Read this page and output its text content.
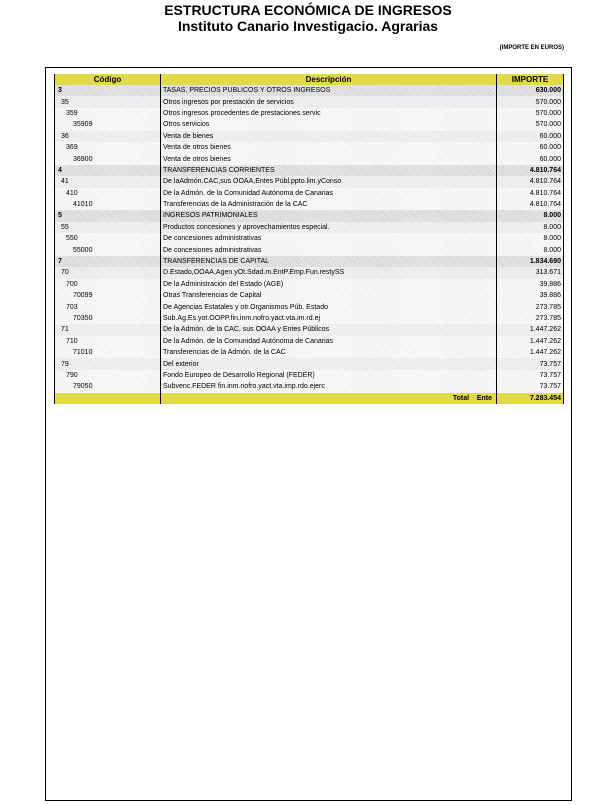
ESTRUCTURA ECONÓMICA DE INGRESOS
Instituto Canario Investigacio. Agrarias
(IMPORTE EN EUROS)
Código	Descripción	IMPORTE
3	TASAS, PRECIOS PUBLICOS Y OTROS INGRESOS	630.000
35	Otros ingresos por prestación de servicios	570.000
359	Otros ingresos procedentes de prestaciones servic	570.000
35909	Otros servicios	570.000
36	Venta de bienes	60.000
369	Venta de otros bienes	60.000
36900	Venta de otros bienes	60.000
4	TRANSFERENCIAS CORRIENTES	4.810.764
41	De laAdmón.CAC,sus OOAA,Entes Públ.ppto.lim.yConso	4.810.764
410	De la Admón. de la Comunidad Autónoma de Canarias	4.810.764
41010	Transferencias de la Administración de la CAC	4.810.764
5	INGRESOS PATRIMONIALES	8.000
55	Productos concesiones y aprovechamientos especial.	8.000
550	De concesiones administrativas	8.000
55000	De concesiones administrativas	8.000
7	TRANSFERENCIAS DE CAPITAL	1.834.690
70	D.Estado,OOAA,Agen.yOt.Sdad.m.EntP.Emp.Fun.restySS	313.671
700	De la Administración del Estado (AGE)	39.886
70099	Otras Transferencias de Capital	39.886
703	De Agencias Estatales y otr.Organismos Púb. Estado	273.785
70350	Sub.Ag.Es.yot.OOPP.fin.inm.nofro.yact.vta.im.rd.ej	273.785
71	De la Admón. de la CAC, sus OOAA y Entes Públicos	1.447.262
710	De la Admón. de la Comunidad Autónoma de Canarias	1.447.262
71010	Transferencias de la Admón. de la CAC	1.447.262
79	Del exterior	73.757
790	Fondo Europeo de Desarrollo Regional (FEDER)	73.757
79050	Subvenc.FEDER fin.inm.nofro.yact.vta.imp.rdo.ejerc	73.757
	Total Ente	7.283.454
